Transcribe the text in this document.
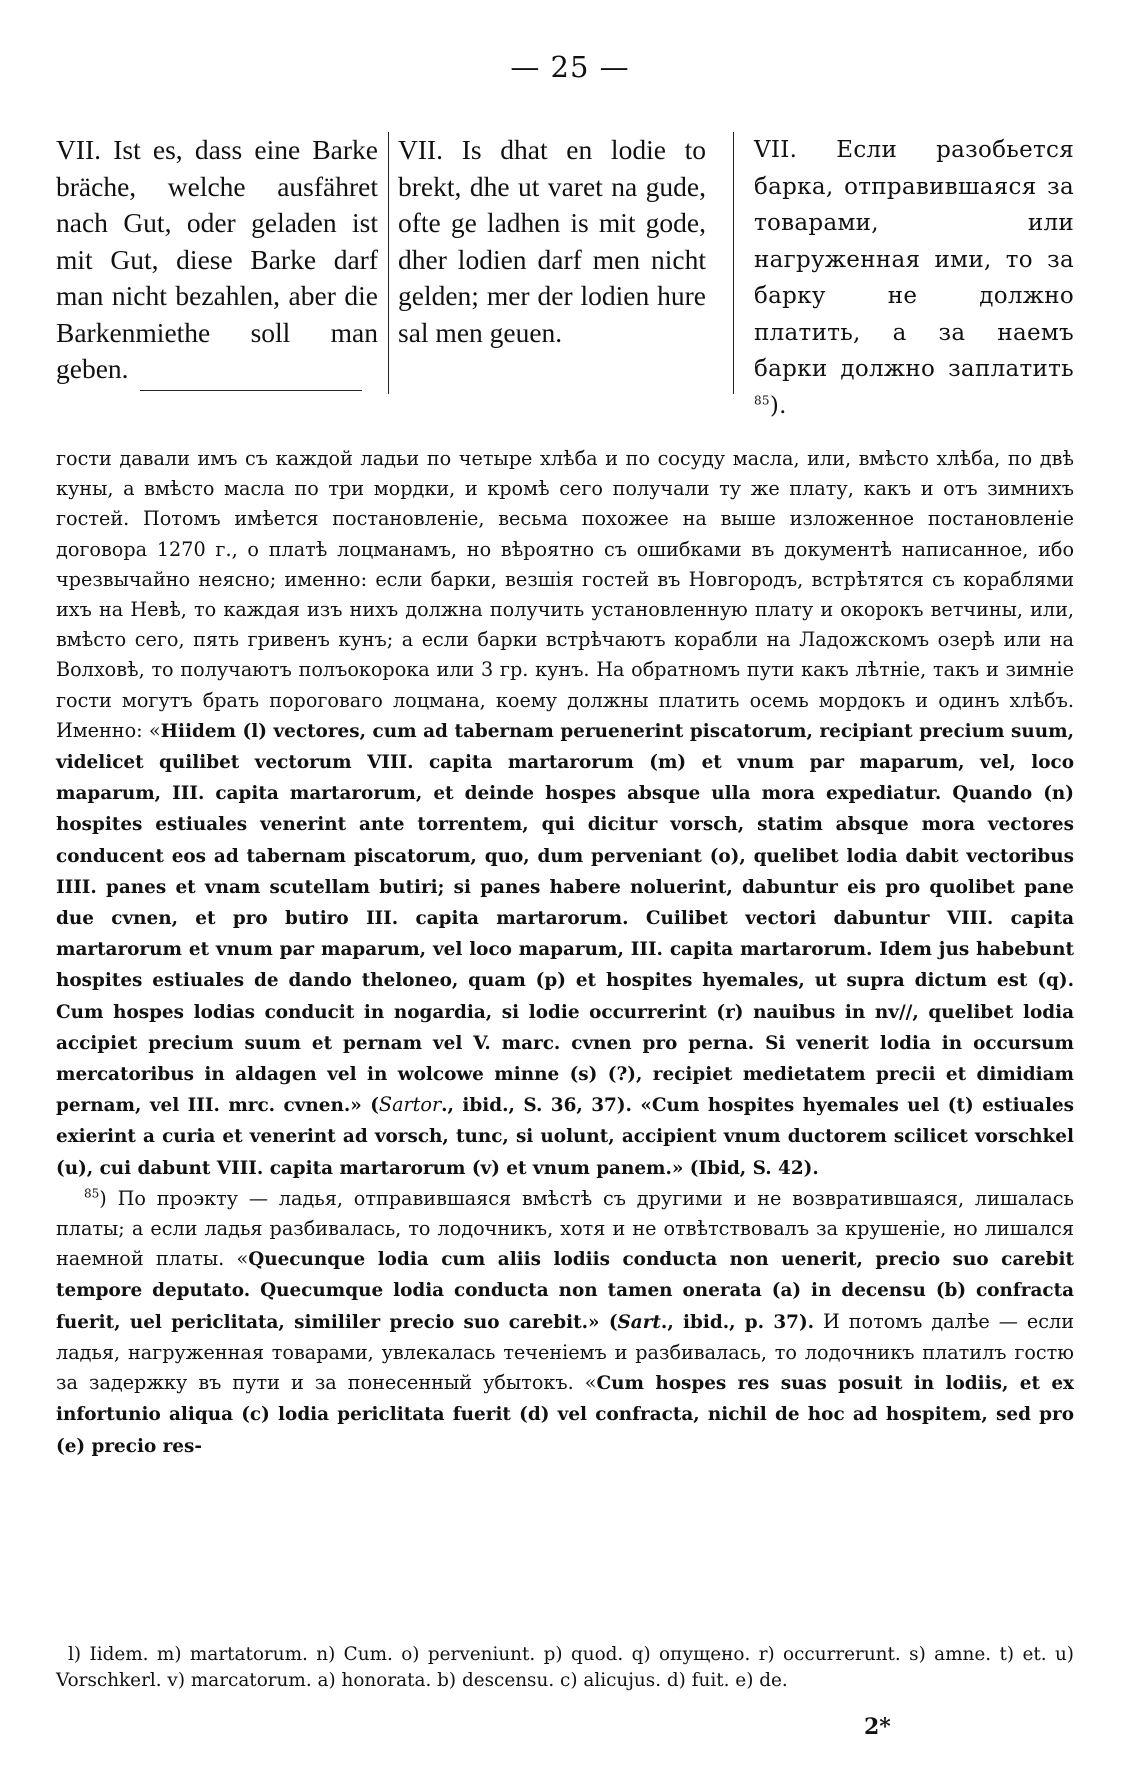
— 25 —

VII. Ist es, dass eine Barke bräche, welche ausfähret nach Gut, oder geladen ist mit Gut, diese Barke darf man nicht bezahlen, aber die Barkenmiethe soll man geben.

VII. Is dhat en lodie to brekt, dhe ut varet na gude, ofte ge ladhen is mit gode, dher lodien darf men nicht gelden; mer der lodien hure sal men geuen.

VII. Если разобьется барка, отправившаяся за товарами, или нагруженная ими, то за барку не должно платить, а за наемъ барки должно заплатить $^{85}$).

гости давали имъ съ каждой ладьи по четыре хлѣба и по сосуду масла, или, вмѣсто хлѣба, по двѣ куны, а вмѣсто масла по три мордки, и кромѣ сего получали ту же плату, какъ и отъ зимнихъ гостей. Потомъ имѣется постановленіе, весьма похожее на выше изложенное постановленіе договора 1270 г., о платѣ лоцманамъ, но вѣроятно съ ошибками въ документѣ написанное, ибо чрезвычайно неясно; именно: если барки, везшія гостей въ Новгородъ, встрѣтятся съ кораблями ихъ на Невѣ, то каждая изъ нихъ должна получить установленную плату и окорокъ ветчины, или, вмѣсто сего, пять гривенъ кунъ; а если барки встрѣчаютъ корабли на Ладожскомъ озерѣ или на Волховѣ, то получаютъ полъокорока или 3 гр. кунъ. На обратномъ пути какъ лѣтніе, такъ и зимніе гости могутъ брать пороговаго лоцмана, коему должны платить осемь мордокъ и одинъ хлѣбъ. Именно: «Hiidem (l) vectores, cum ad tabernam peruenerint piscatorum, recipiant precium suum, videlicet quilibet vectorum VIII. capita martarorum (m) et vnum par maparum, vel, loco maparum, III. capita martarorum, et deinde hospes absque ulla mora expediatur. Quando (n) hospites estiuales venerint ante torrentem, qui dicitur vorsch, statim absque mora vectores conducent eos ad tabernam piscatorum, quo, dum perveniant (o), quelibet lodia dabit vectoribus IIII. panes et vnam scutellam butiri; si panes habere noluerint, dabuntur eis pro quolibet pane due cvnen, et pro butiro III. capita martarorum. Cuilibet vectori dabuntur VIII. capita martarorum et vnum par maparum, vel loco maparum, III. capita martarorum. Idem jus habebunt hospites estiuales de dando theloneo, quam (p) et hospites hyemales, ut supra dictum est (q). Cum hospes lodias conducit in nogardia, si lodie occurrerint (r) nauibus in nv//, quelibet lodia accipiet precium suum et pernam vel V. marc. cvnen pro perna. Si venerit lodia in occursum mercatoribus in aldagen vel in wolcowe minne (s) (?), recipiet medietatem precii et dimidiam pernam, vel III. mrc. cvnen.» (Sartor., ibid., S. 36, 37). «Cum hospites hyemales uel (t) estiuales exierint a curia et venerint ad vorsch, tunc, si uolunt, accipient vnum ductorem scilicet vorschkel (u), cui dabunt VIII. capita martarorum (v) et vnum panem.» (Ibid, S. 42).

$^{85}$) По проэкту — ладья, отправившаяся вмѣстѣ съ другими и не возвратившаяся, лишалась платы; а если ладья разбивалась, то лодочникъ, хотя и не отвѣтствовалъ за крушеніе, но лишался наемной платы. «Quecunque lodia cum aliis lodiis conducta non uenerit, precio suo carebit tempore deputato. Quecumque lodia conducta non tamen onerata (a) in decensu (b) confracta fuerit, uel periclitata, simililer precio suo carebit.» (Sart., ibid., p. 37). И потомъ далѣе — если ладья, нагруженная товарами, увлекалась теченіемъ и разбивалась, то лодочникъ платилъ гостю за задержку въ пути и за понесенный убытокъ. «Cum hospes res suas posuit in lodiis, et ex infortunio aliqua (c) lodia periclitata fuerit (d) vel confracta, nichil de hoc ad hospitem, sed pro (e) precio res-

l) Iidem. m) martatorum. n) Cum. o) perveniunt. p) quod. q) опущено. r) occurrerunt. s) amne. t) et. u) Vorschkerl. v) marcatorum. a) honorata. b) descensu. c) alicujus. d) fuit. e) de.

2*
